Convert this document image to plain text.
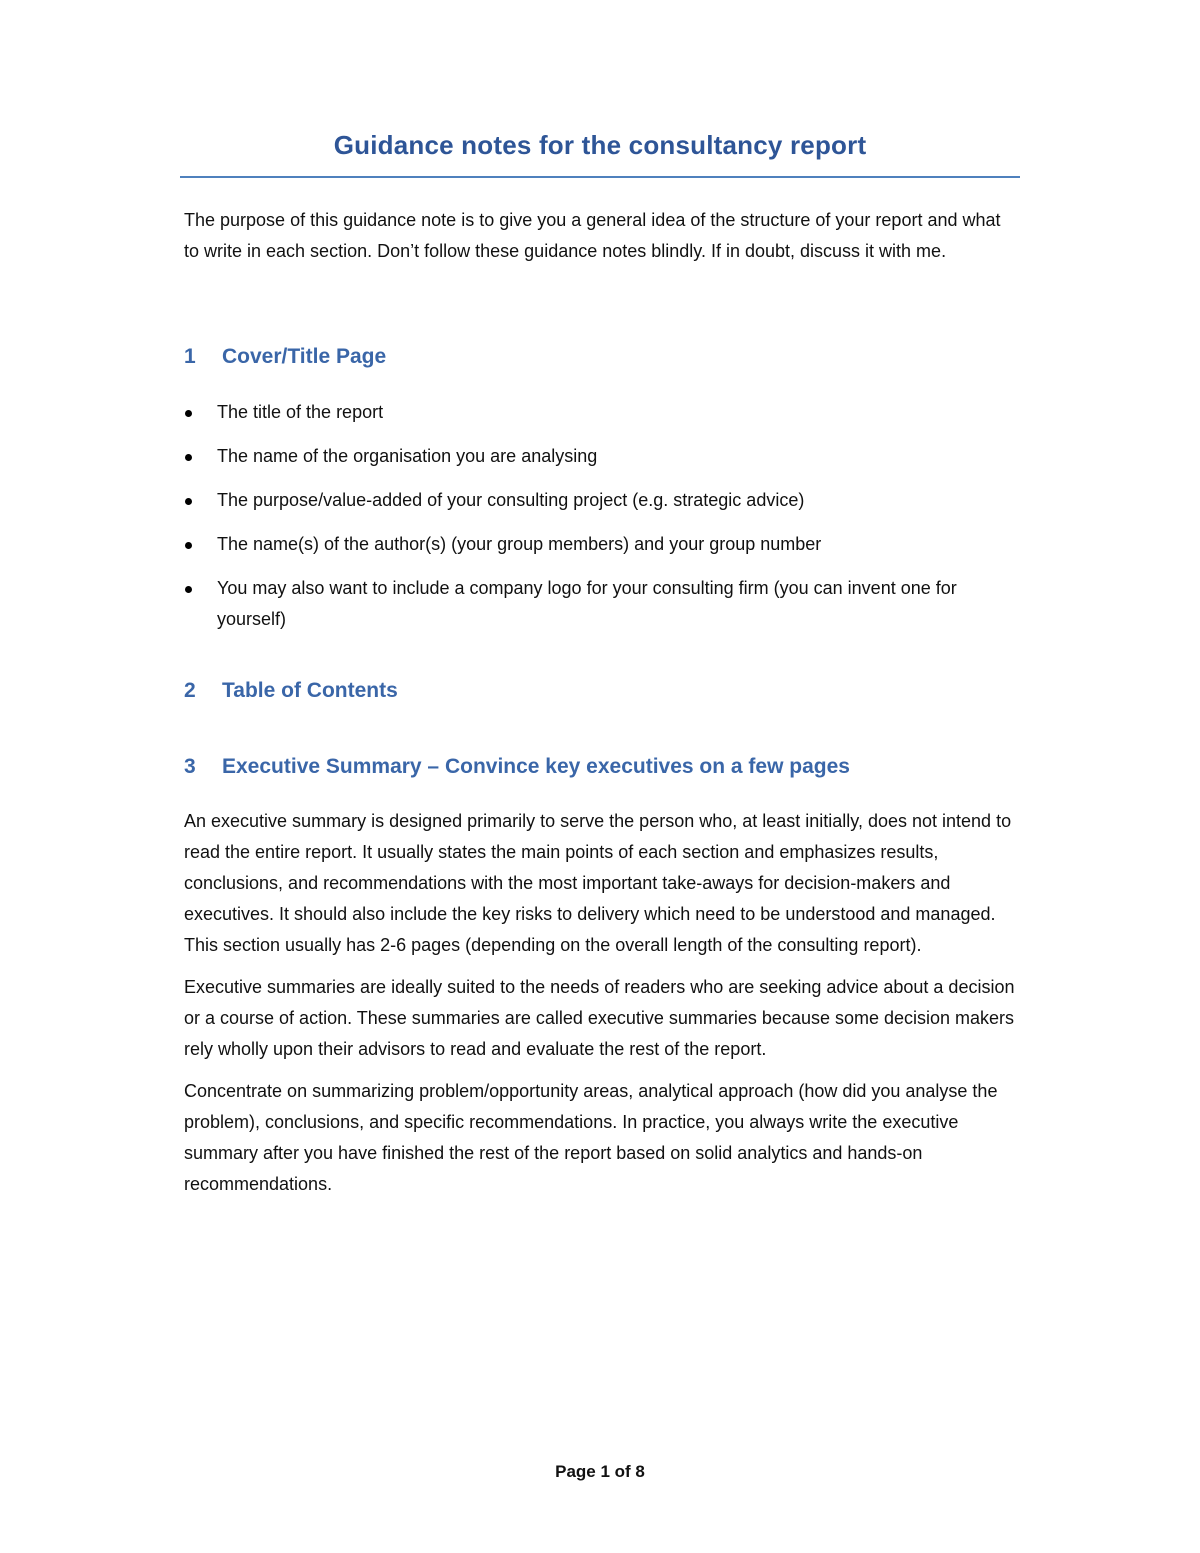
Guidance notes for the consultancy report

The purpose of this guidance note is to give you a general idea of the structure of your report and what to write in each section. Don’t follow these guidance notes blindly. If in doubt, discuss it with me.

1	Cover/Title Page
The title of the report
The name of the organisation you are analysing
The purpose/value-added of your consulting project (e.g. strategic advice)
The name(s) of the author(s) (your group members) and your group number
You may also want to include a company logo for your consulting firm (you can invent one for yourself)
2	Table of Contents
3	Executive Summary – Convince key executives on a few pages

An executive summary is designed primarily to serve the person who, at least initially, does not intend to read the entire report. It usually states the main points of each section and emphasizes results, conclusions, and recommendations with the most important take-aways for decision-makers and executives. It should also include the key risks to delivery which need to be understood and managed. This section usually has 2-6 pages (depending on the overall length of the consulting report).

Executive summaries are ideally suited to the needs of readers who are seeking advice about a decision or a course of action. These summaries are called executive summaries because some decision makers rely wholly upon their advisors to read and evaluate the rest of the report.

Concentrate on summarizing problem/opportunity areas, analytical approach (how did you analyse the problem), conclusions, and specific recommendations. In practice, you always write the executive summary after you have finished the rest of the report based on solid analytics and hands-on recommendations.

Page 1 of 8
